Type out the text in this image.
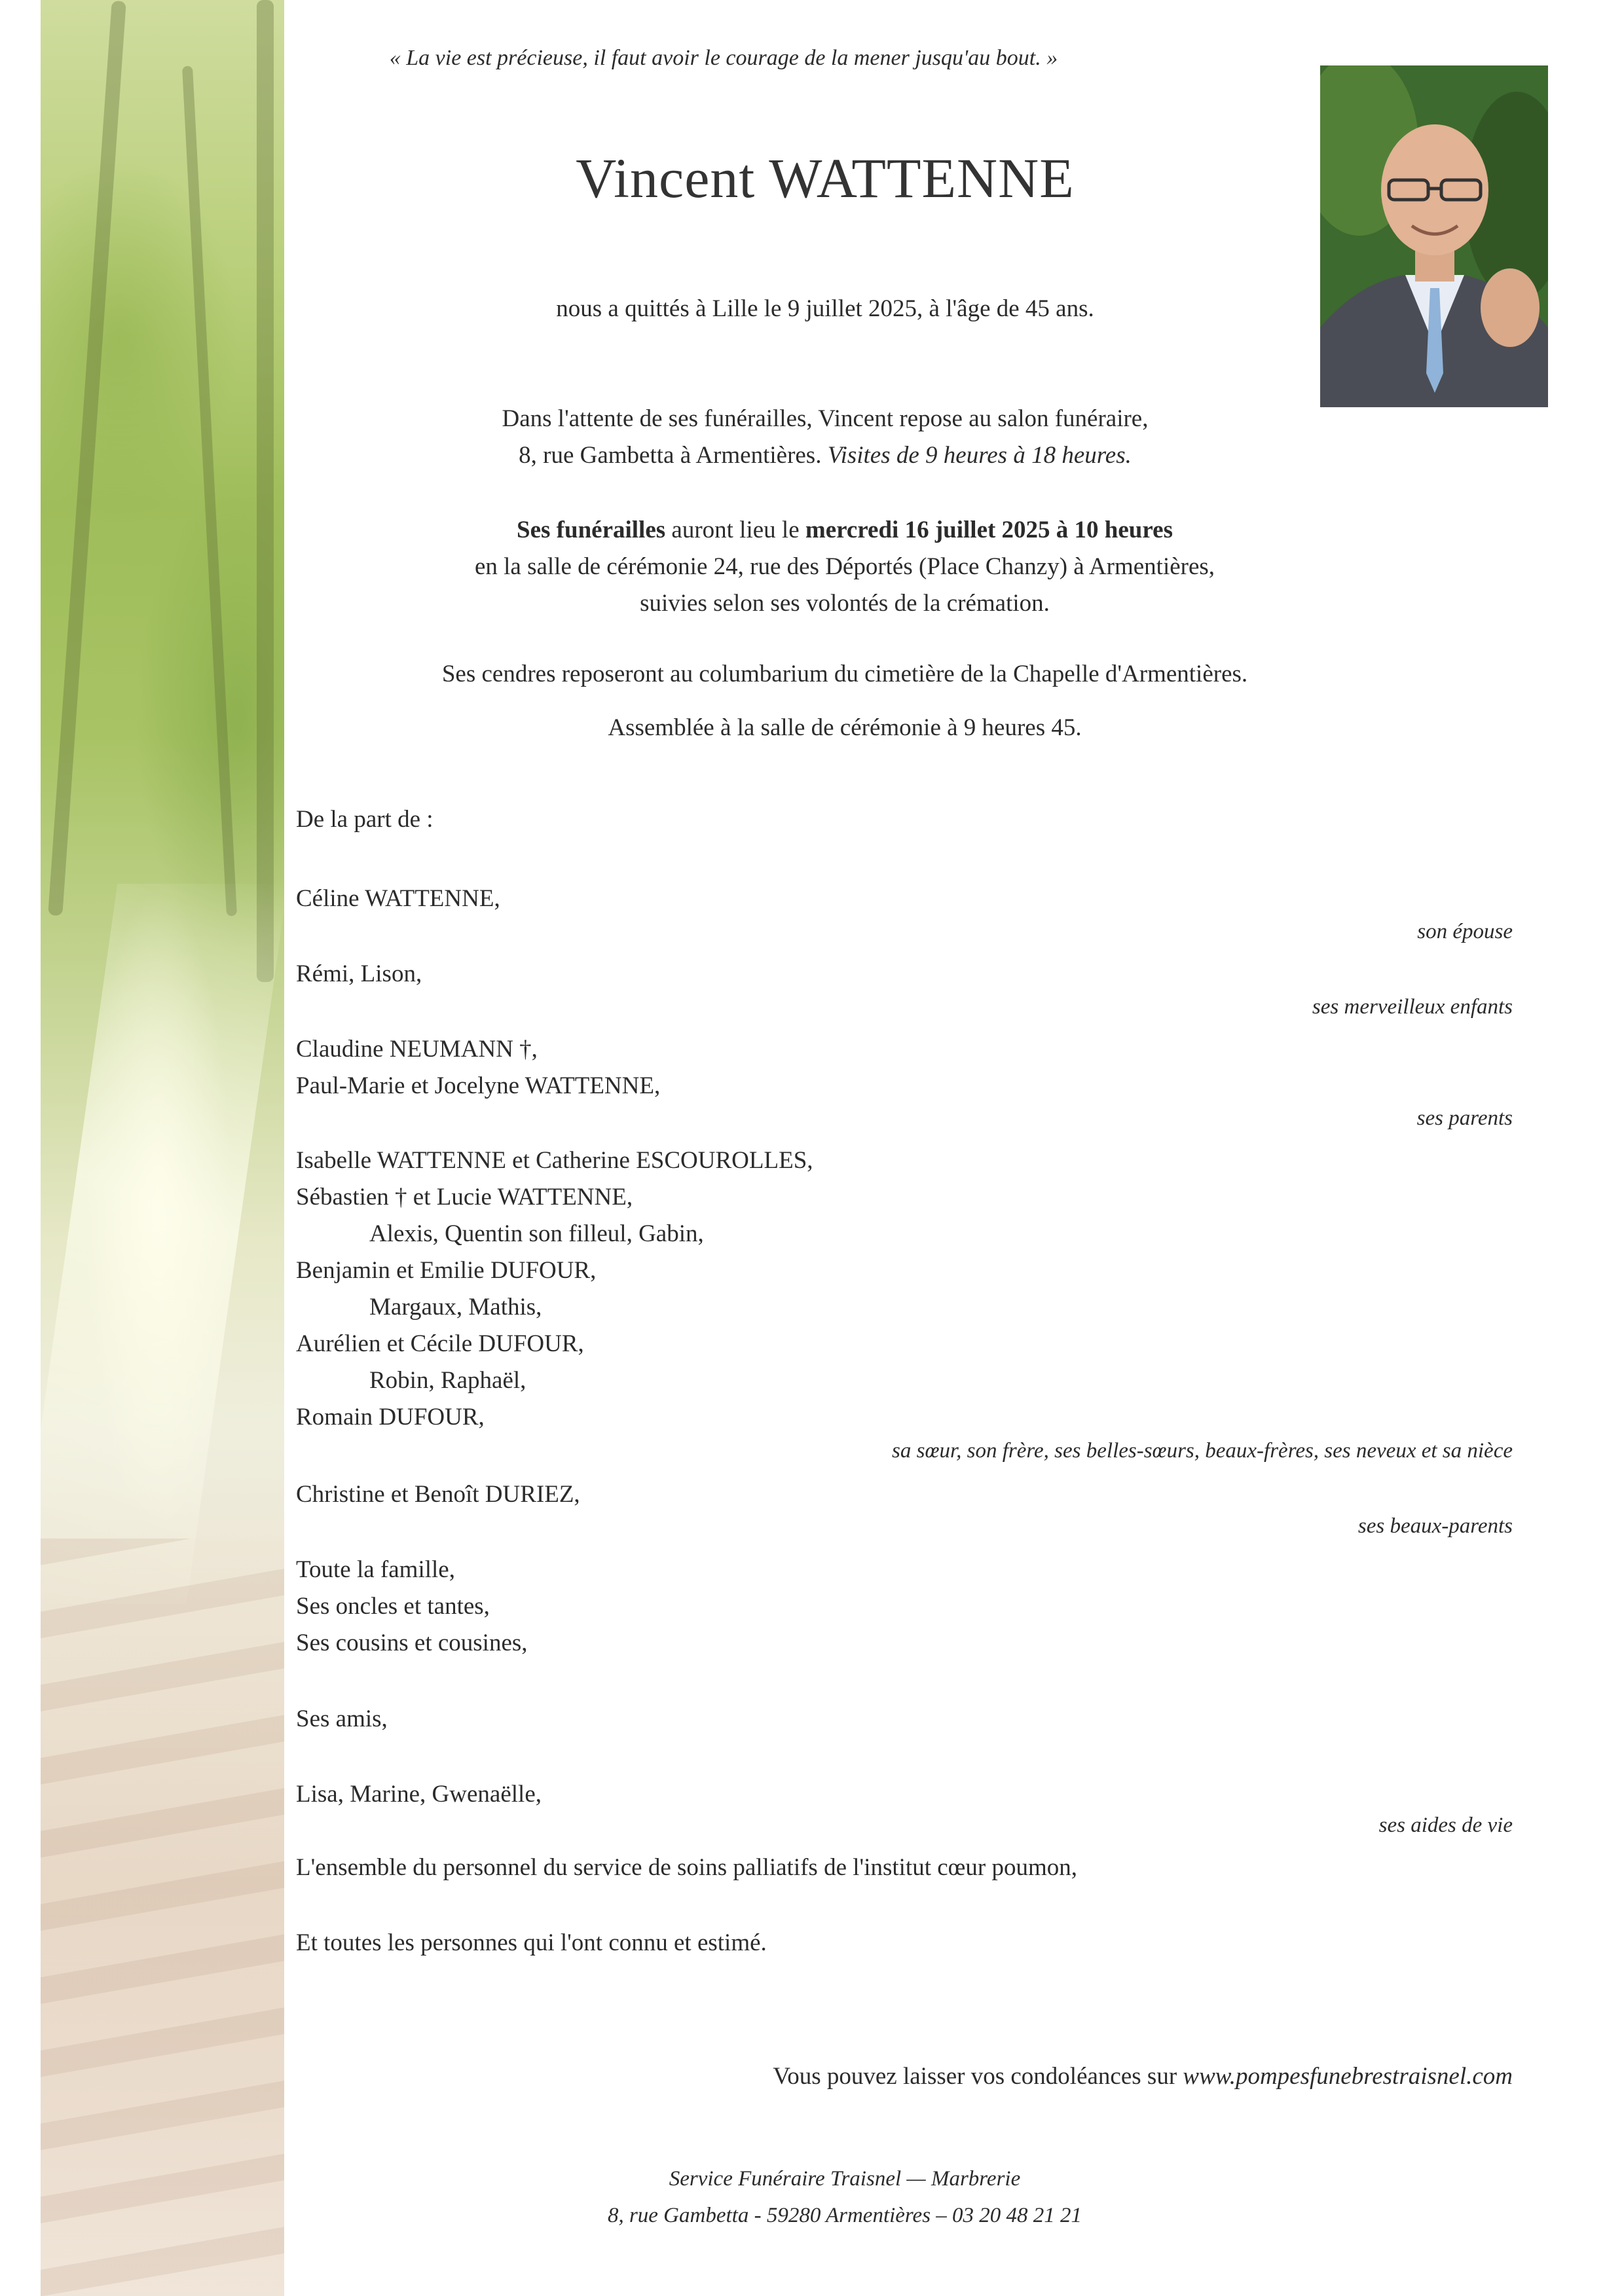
« La vie est précieuse, il faut avoir le courage de la mener jusqu'au bout. »
Vincent WATTENNE
nous a quittés à Lille le 9 juillet 2025, à l'âge de 45 ans.
Dans l'attente de ses funérailles, Vincent repose au salon funéraire,
8, rue Gambetta à Armentières. Visites de 9 heures à 18 heures.
Ses funérailles auront lieu le mercredi 16 juillet 2025 à 10 heures
en la salle de cérémonie 24, rue des Déportés (Place Chanzy) à Armentières,
suivies selon ses volontés de la crémation.
Ses cendres reposeront au columbarium du cimetière de la Chapelle d'Armentières.
Assemblée à la salle de cérémonie à 9 heures 45.
De la part de :
Céline WATTENNE,
son épouse
Rémi, Lison,
ses merveilleux enfants
Claudine NEUMANN †,
Paul-Marie et Jocelyne WATTENNE,
ses parents
Isabelle WATTENNE et Catherine ESCOUROLLES,
Sébastien † et Lucie WATTENNE,
Alexis, Quentin son filleul, Gabin,
Benjamin et Emilie DUFOUR,
Margaux, Mathis,
Aurélien et Cécile DUFOUR,
Robin, Raphaël,
Romain DUFOUR,
sa sœur, son frère, ses belles-sœurs, beaux-frères, ses neveux et sa nièce
Christine et Benoît DURIEZ,
ses beaux-parents
Toute la famille,
Ses oncles et tantes,
Ses cousins et cousines,
Ses amis,
Lisa, Marine, Gwenaëlle,
ses aides de vie
L'ensemble du personnel du service de soins palliatifs de l'institut cœur poumon,
Et toutes les personnes qui l'ont connu et estimé.
Vous pouvez laisser vos condoléances sur www.pompesfunebrestraisnel.com
Service Funéraire Traisnel — Marbrerie
8, rue Gambetta - 59280 Armentières – 03 20 48 21 21
